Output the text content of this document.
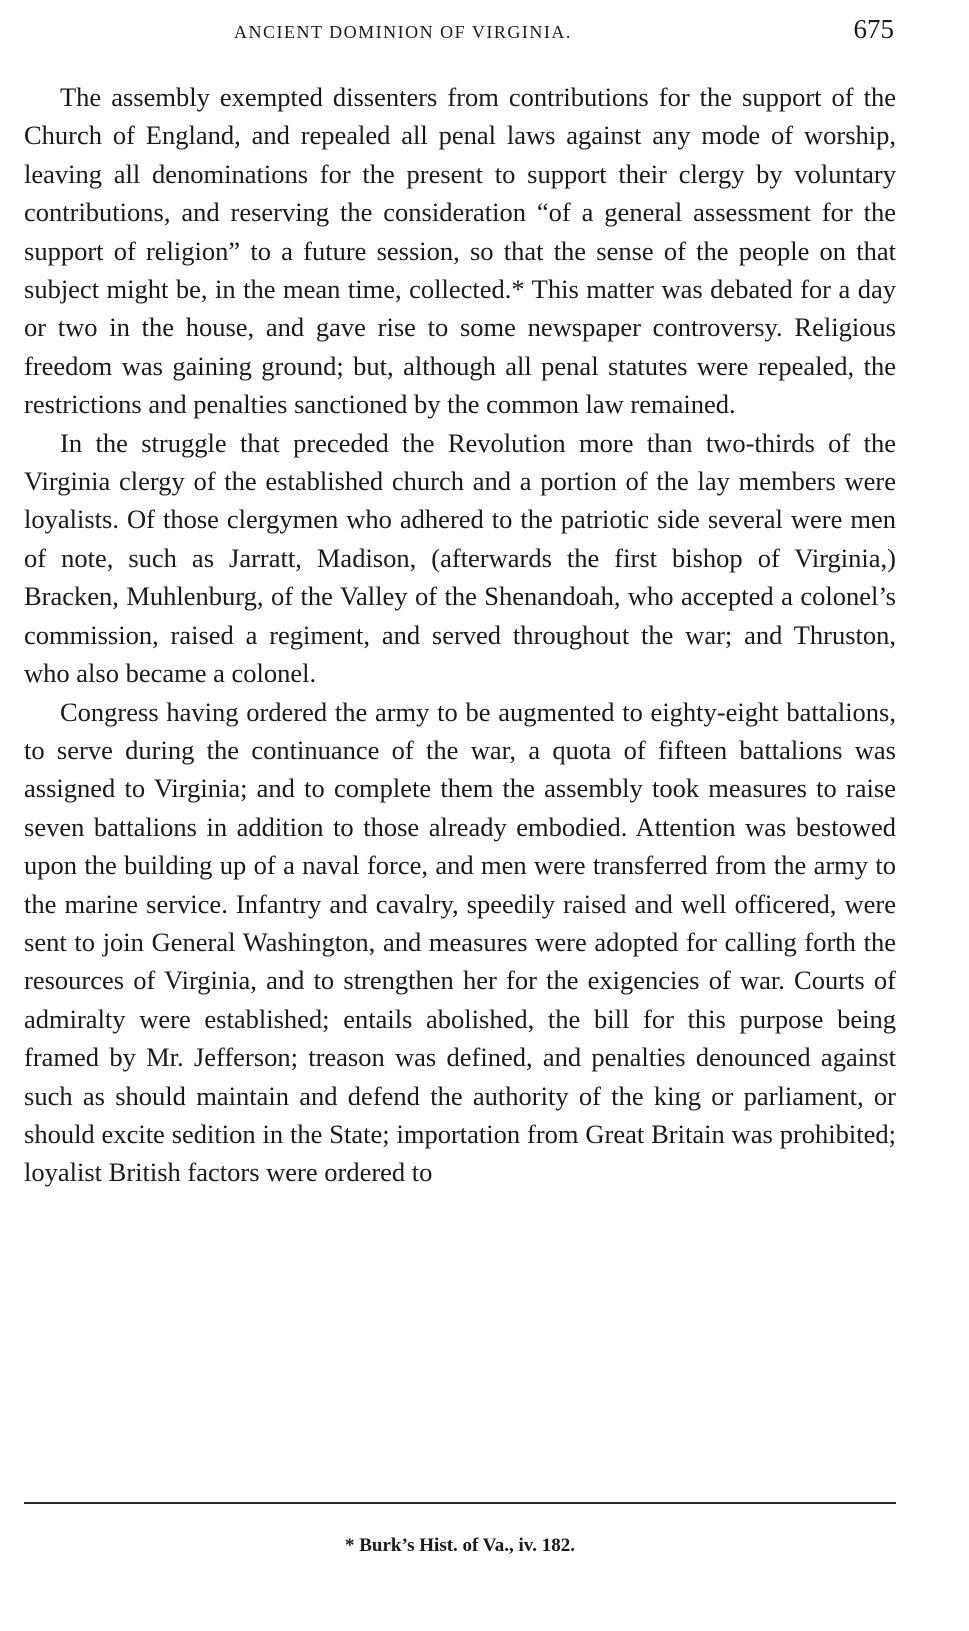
ANCIENT DOMINION OF VIRGINIA.	675

The assembly exempted dissenters from contributions for the support of the Church of England, and repealed all penal laws against any mode of worship, leaving all denominations for the present to support their clergy by voluntary contributions, and reserving the consideration “of a general assessment for the support of religion” to a future session, so that the sense of the people on that subject might be, in the mean time, collected.* This matter was debated for a day or two in the house, and gave rise to some newspaper controversy. Religious freedom was gaining ground; but, although all penal statutes were repealed, the restrictions and penalties sanctioned by the common law remained.

In the struggle that preceded the Revolution more than two-thirds of the Virginia clergy of the established church and a portion of the lay members were loyalists. Of those clergymen who adhered to the patriotic side several were men of note, such as Jarratt, Madison, (afterwards the first bishop of Virginia,) Bracken, Muhlenburg, of the Valley of the Shenandoah, who accepted a colonel’s commission, raised a regiment, and served throughout the war; and Thruston, who also became a colonel.

Congress having ordered the army to be augmented to eighty-eight battalions, to serve during the continuance of the war, a quota of fifteen battalions was assigned to Virginia; and to complete them the assembly took measures to raise seven battalions in addition to those already embodied. Attention was bestowed upon the building up of a naval force, and men were transferred from the army to the marine service. Infantry and cavalry, speedily raised and well officered, were sent to join General Washington, and measures were adopted for calling forth the resources of Virginia, and to strengthen her for the exigencies of war. Courts of admiralty were established; entails abolished, the bill for this purpose being framed by Mr. Jefferson; treason was defined, and penalties denounced against such as should maintain and defend the authority of the king or parliament, or should excite sedition in the State; importation from Great Britain was prohibited; loyalist British factors were ordered to

* Burk’s Hist. of Va., iv. 182.
